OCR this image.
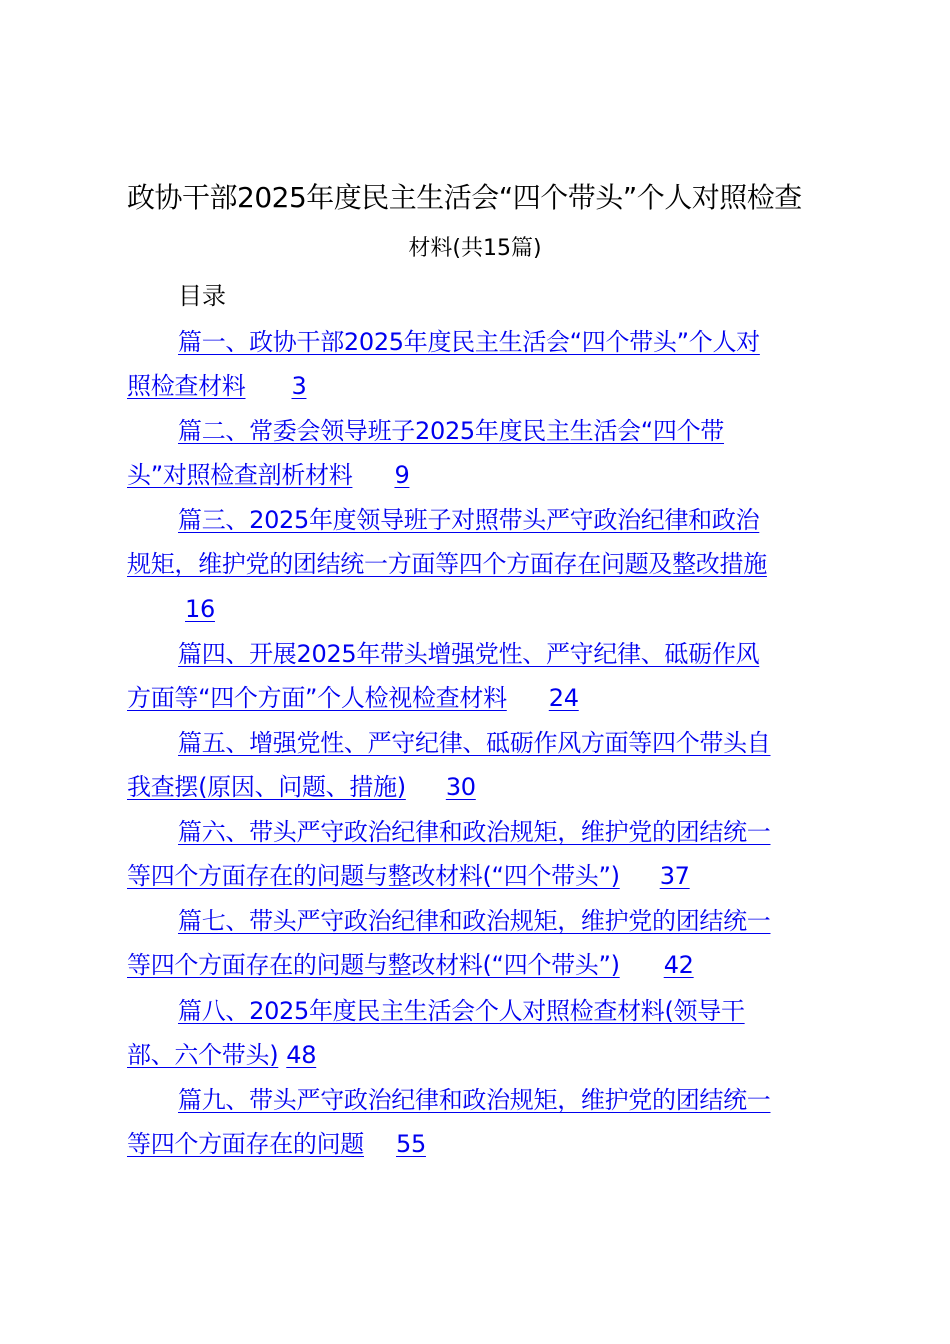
政协干部2025年度民主生活会“四个带头”个人对照检查
材料(共15篇)
目录
篇一、政协干部2025年度民主生活会“四个带头”个人对
照检查材料 3
篇二、常委会领导班子2025年度民主生活会“四个带
头”对照检查剖析材料 9
篇三、2025年度领导班子对照带头严守政治纪律和政治
规矩，维护党的团结统一方面等四个方面存在问题及整改措施
16
篇四、开展2025年带头增强党性、严守纪律、砥砺作风
方面等“四个方面”个人检视检查材料 24
篇五、增强党性、严守纪律、砥砺作风方面等四个带头自
我查摆(原因、问题、措施) 30
篇六、带头严守政治纪律和政治规矩，维护党的团结统一
等四个方面存在的问题与整改材料(“四个带头”) 37
篇七、带头严守政治纪律和政治规矩，维护党的团结统一
等四个方面存在的问题与整改材料(“四个带头”) 42
篇八、2025年度民主生活会个人对照检查材料(领导干
部、六个带头) 48
篇九、带头严守政治纪律和政治规矩，维护党的团结统一
等四个方面存在的问题 55
